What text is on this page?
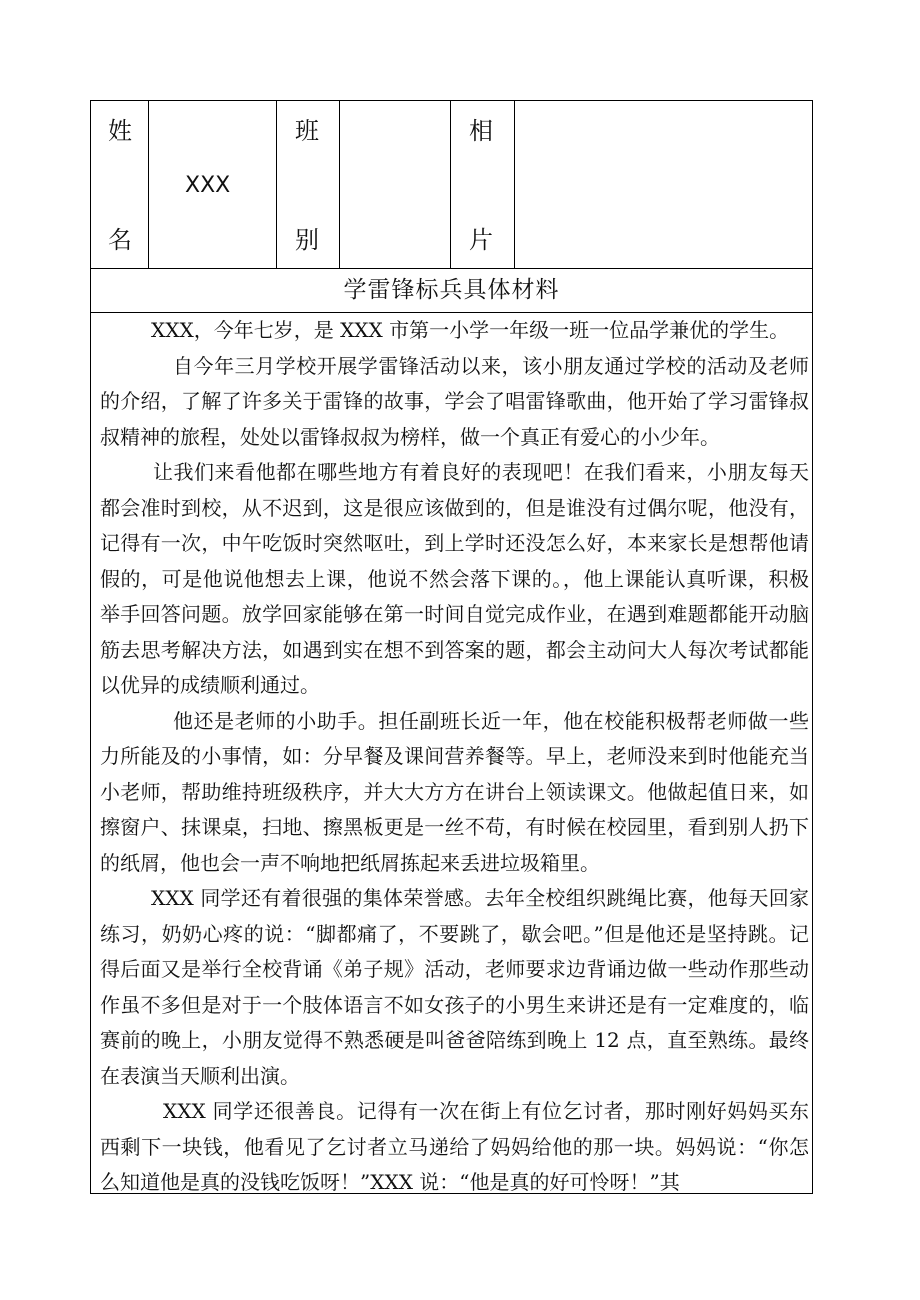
姓
名
XXX
班
别
相
片
学雷锋标兵具体材料

XXX，今年七岁，是 XXX 市第一小学一年级一班一位品学兼优的学生。

自今年三月学校开展学雷锋活动以来，该小朋友通过学校的活动及老师的介绍，了解了许多关于雷锋的故事，学会了唱雷锋歌曲，他开始了学习雷锋叔叔精神的旅程，处处以雷锋叔叔为榜样，做一个真正有爱心的小少年。

让我们来看他都在哪些地方有着良好的表现吧！在我们看来，小朋友每天都会准时到校，从不迟到，这是很应该做到的，但是谁没有过偶尔呢，他没有，记得有一次，中午吃饭时突然呕吐，到上学时还没怎么好，本来家长是想帮他请假的，可是他说他想去上课，他说不然会落下课的。，他上课能认真听课，积极举手回答问题。放学回家能够在第一时间自觉完成作业，在遇到难题都能开动脑筋去思考解决方法，如遇到实在想不到答案的题，都会主动问大人每次考试都能以优异的成绩顺利通过。

他还是老师的小助手。担任副班长近一年，他在校能积极帮老师做一些力所能及的小事情，如：分早餐及课间营养餐等。早上，老师没来到时他能充当小老师，帮助维持班级秩序，并大大方方在讲台上领读课文。他做起值日来，如擦窗户、抹课桌，扫地、擦黑板更是一丝不苟，有时候在校园里，看到别人扔下的纸屑，他也会一声不响地把纸屑拣起来丢进垃圾箱里。

XXX 同学还有着很强的集体荣誉感。去年全校组织跳绳比赛，他每天回家练习，奶奶心疼的说：“脚都痛了，不要跳了，歇会吧。”但是他还是坚持跳。记得后面又是举行全校背诵《弟子规》活动，老师要求边背诵边做一些动作那些动作虽不多但是对于一个肢体语言不如女孩子的小男生来讲还是有一定难度的，临赛前的晚上，小朋友觉得不熟悉硬是叫爸爸陪练到晚上 12 点，直至熟练。最终在表演当天顺利出演。

XXX 同学还很善良。记得有一次在街上有位乞讨者，那时刚好妈妈买东西剩下一块钱，他看见了乞讨者立马递给了妈妈给他的那一块。妈妈说：“你怎么知道他是真的没钱吃饭呀！”XXX 说：“他是真的好可怜呀！”其
